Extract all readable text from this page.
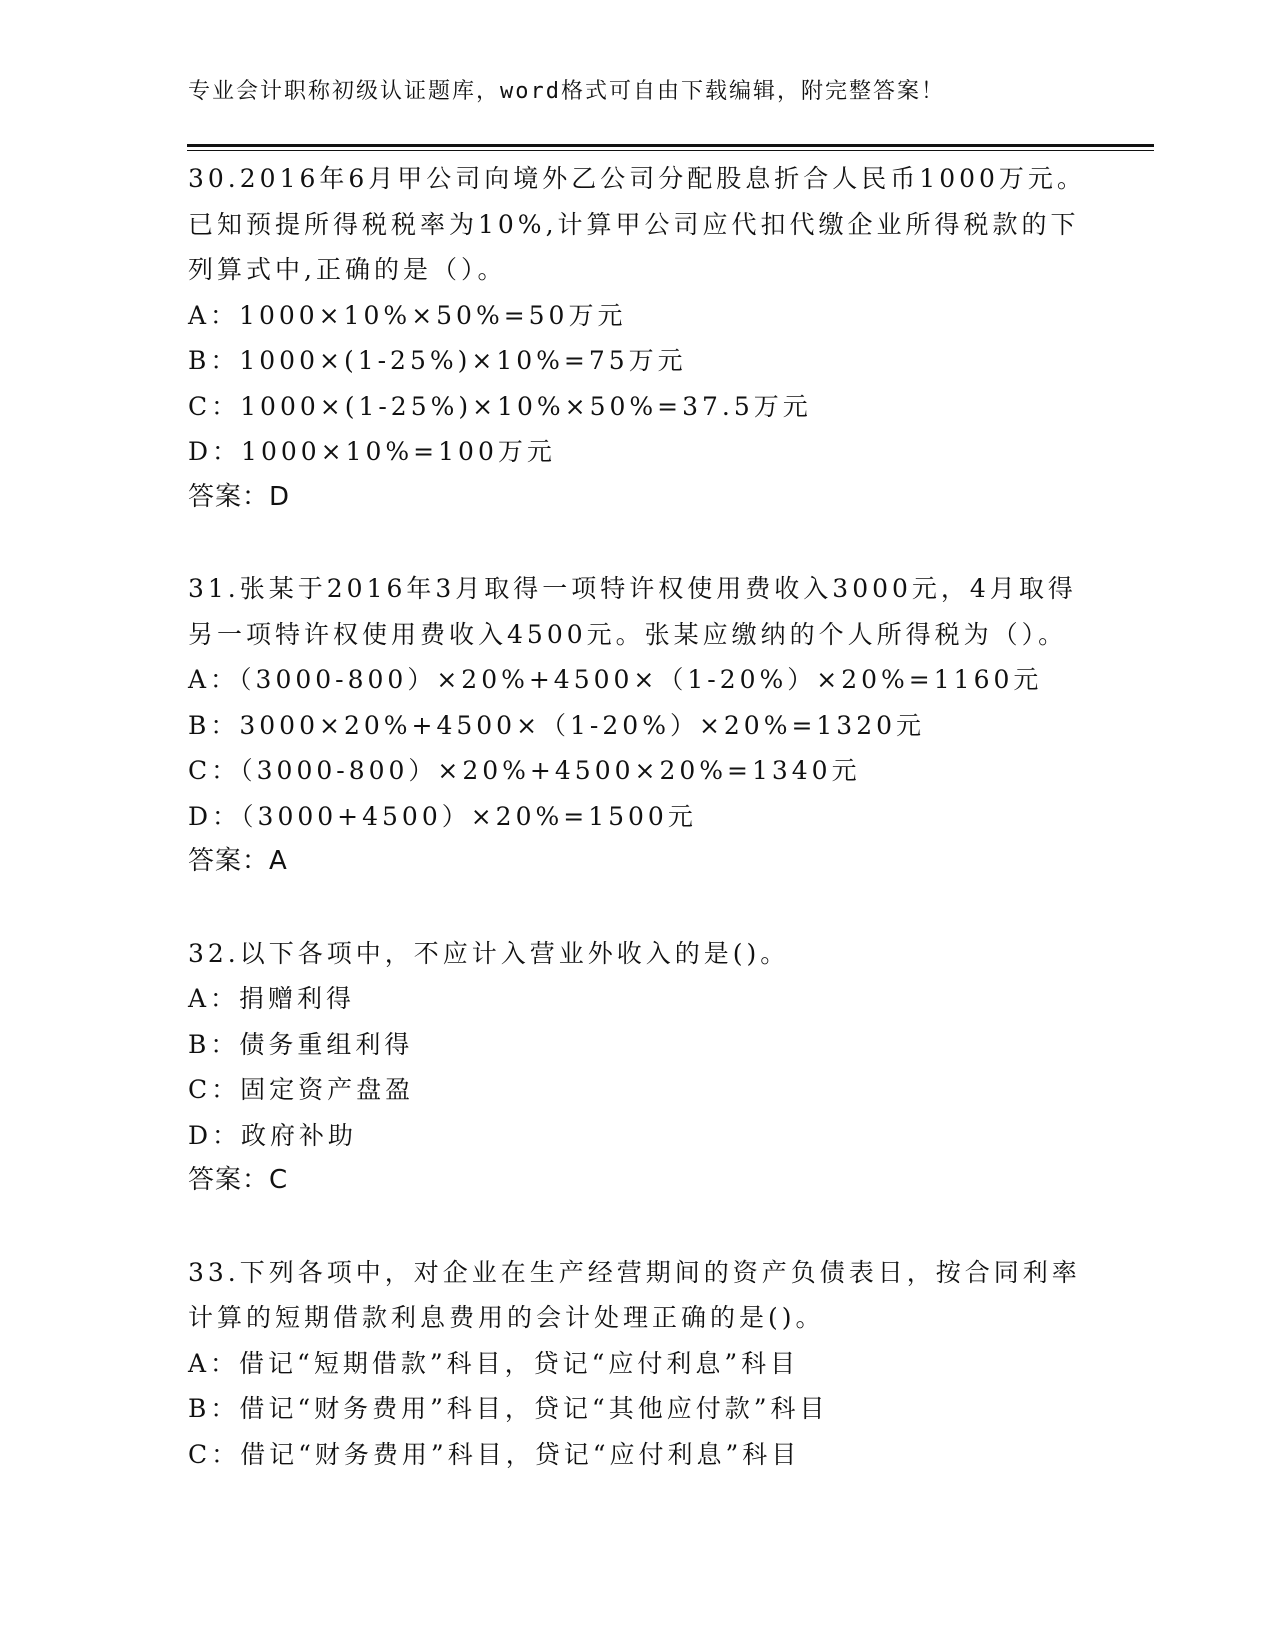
专业会计职称初级认证题库，word格式可自由下载编辑，附完整答案！
30.2016年6月甲公司向境外乙公司分配股息折合人民币1000万元。
已知预提所得税税率为10%,计算甲公司应代扣代缴企业所得税款的下
列算式中,正确的是（）。
A：1000×10%×50%=50万元
B：1000×(1-25%)×10%=75万元
C：1000×(1-25%)×10%×50%=37.5万元
D：1000×10%=100万元
答案：D
31.张某于2016年3月取得一项特许权使用费收入3000元，4月取得
另一项特许权使用费收入4500元。张某应缴纳的个人所得税为（）。
A：（3000-800）×20%+4500×（1-20%）×20%=1160元
B：3000×20%+4500×（1-20%）×20%=1320元
C：（3000-800）×20%+4500×20%=1340元
D：（3000+4500）×20%=1500元
答案：A
32.以下各项中，不应计入营业外收入的是()。
A：捐赠利得
B：债务重组利得
C：固定资产盘盈
D：政府补助
答案：C
33.下列各项中，对企业在生产经营期间的资产负债表日，按合同利率
计算的短期借款利息费用的会计处理正确的是()。
A：借记“短期借款”科目，贷记“应付利息”科目
B：借记“财务费用”科目，贷记“其他应付款”科目
C：借记“财务费用”科目，贷记“应付利息”科目
